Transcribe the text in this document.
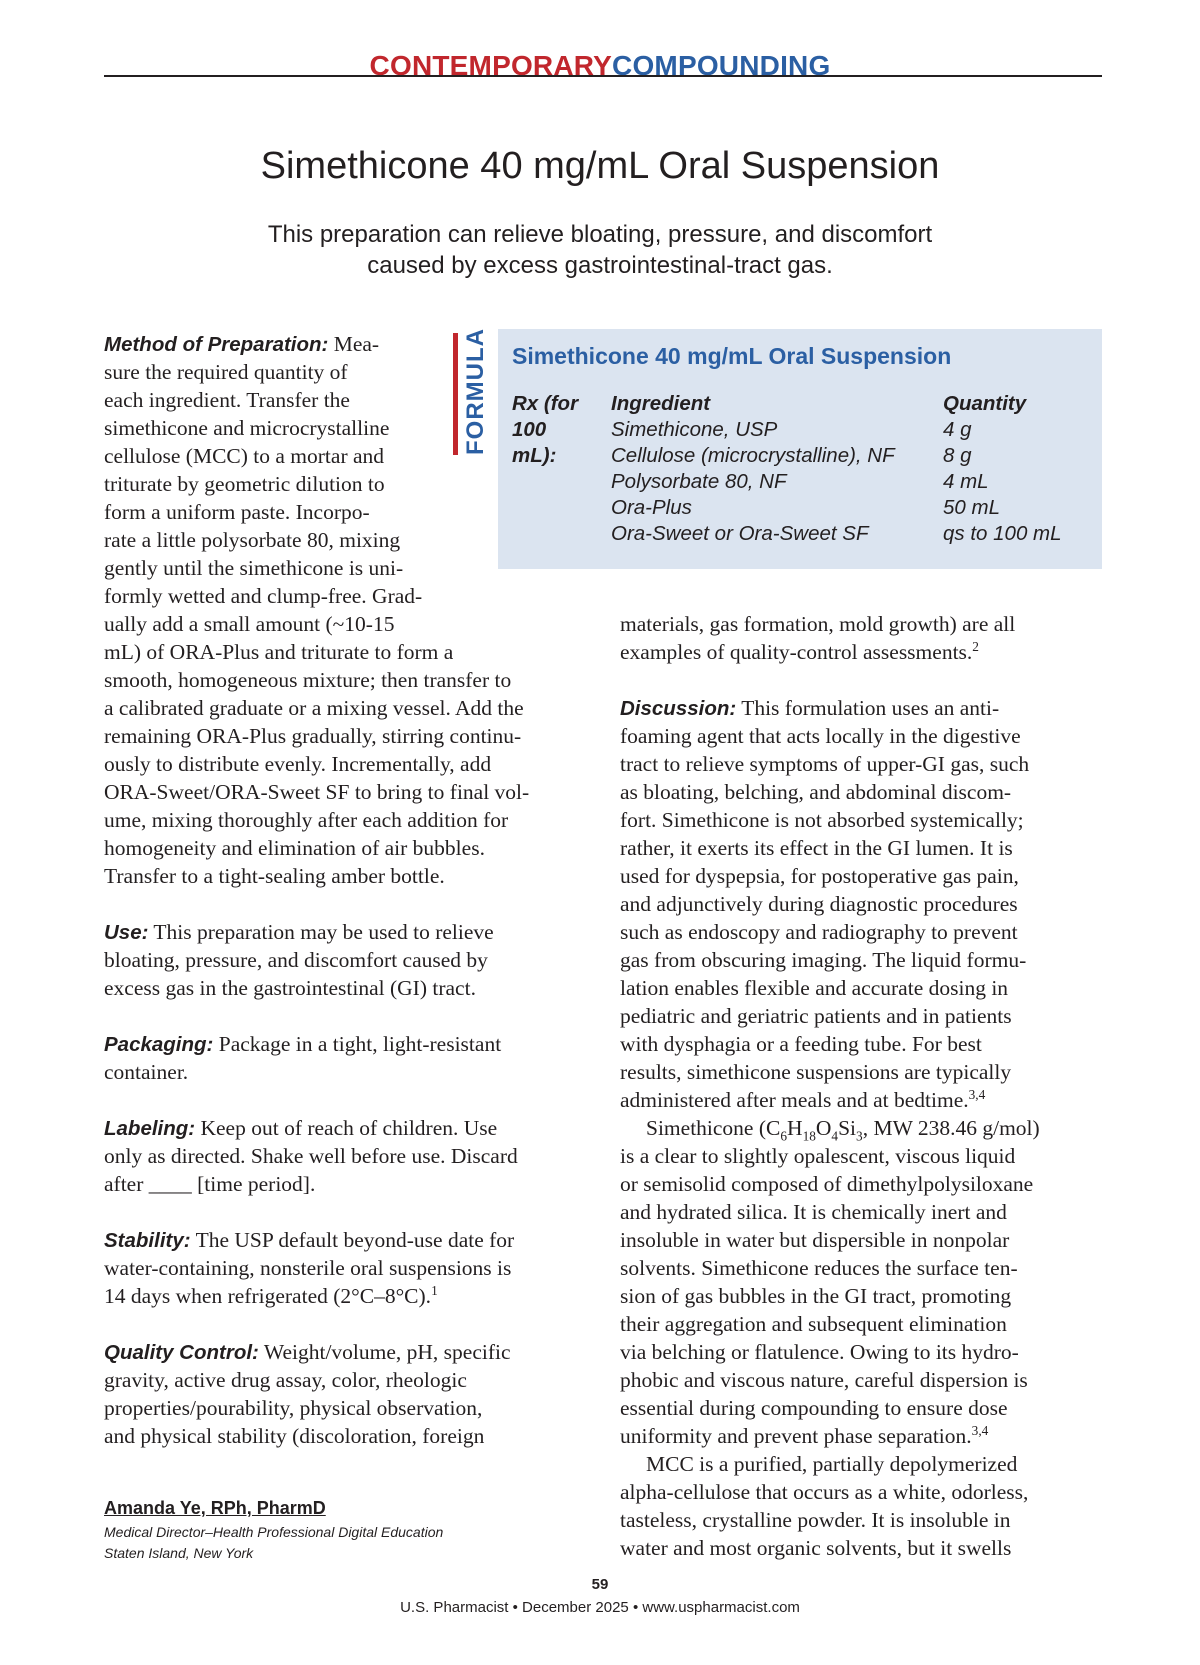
CONTEMPORARYCOMPOUNDING
Simethicone 40 mg/mL Oral Suspension
This preparation can relieve bloating, pressure, and discomfort
caused by excess gastrointestinal-tract gas.
FORMULA Simethicone 40 mg/mL Oral Suspension
Rx (for
100
mL):
Ingredient	Quantity
Simethicone, USP	4 g
Cellulose (microcrystalline), NF 8 g
Polysorbate 80, NF	4 mL
Ora-Plus	50 mL
Ora-Sweet or Ora-Sweet SF	qs to 100 mL
Method of Preparation: Mea-
sure the required quantity of
each ingredient. Transfer the
simethicone and microcrystalline
cellulose (MCC) to a mortar and
triturate by geometric dilution to
form a uniform paste. Incorpo-
rate a little polysorbate 80, mixing
gently until the simethicone is uni-
formly wetted and clump-free. Grad-
ually add a small amount (~10-15
mL) of ORA-Plus and triturate to form a
smooth, homogeneous mixture; then transfer to
a calibrated graduate or a mixing vessel. Add the
remaining ORA-Plus gradually, stirring continu-
ously to distribute evenly. Incrementally, add
ORA-Sweet/ORA-Sweet SF to bring to final vol-
ume, mixing thoroughly after each addition for
homogeneity and elimination of air bubbles.
Transfer to a tight-sealing amber bottle.
Use: This preparation may be used to relieve
bloating, pressure, and discomfort caused by
excess gas in the gastrointestinal (GI) tract.
Packaging: Package in a tight, light-resistant
container.
Labeling: Keep out of reach of children. Use
only as directed. Shake well before use. Discard
after ____ [time period].
Stability: The USP default beyond-use date for
water-containing, nonsterile oral suspensions is
14 days when refrigerated (2°C–8°C).$^1$
Quality Control: Weight/volume, pH, specific
gravity, active drug assay, color, rheologic
properties/pourability, physical observation,
and physical stability (discoloration, foreign
materials, gas formation, mold growth) are all
examples of quality-control assessments.$^2$
Discussion: This formulation uses an anti-
foaming agent that acts locally in the digestive
tract to relieve symptoms of upper-GI gas, such
as bloating, belching, and abdominal discom-
fort. Simethicone is not absorbed systemically;
rather, it exerts its effect in the GI lumen. It is
used for dyspepsia, for postoperative gas pain,
and adjunctively during diagnostic procedures
such as endoscopy and radiography to prevent
gas from obscuring imaging. The liquid formu-
lation enables flexible and accurate dosing in
pediatric and geriatric patients and in patients
with dysphagia or a feeding tube. For best
results, simethicone suspensions are typically
administered after meals and at bedtime.$^{3,4}$
Simethicone ($C_6H_{18}O_4Si_3$, MW 238.46 g/mol)
is a clear to slightly opalescent, viscous liquid
or semisolid composed of dimethylpolysiloxane
and hydrated silica. It is chemically inert and
insoluble in water but dispersible in nonpolar
solvents. Simethicone reduces the surface ten-
sion of gas bubbles in the GI tract, promoting
their aggregation and subsequent elimination
via belching or flatulence. Owing to its hydro-
phobic and viscous nature, careful dispersion is
essential during compounding to ensure dose
uniformity and prevent phase separation.$^{3,4}$
MCC is a purified, partially depolymerized
alpha-cellulose that occurs as a white, odorless,
tasteless, crystalline powder. It is insoluble in
water and most organic solvents, but it swells
Amanda Ye, RPh, PharmD
Medical Director–Health Professional Digital Education
Staten Island, New York
59
U.S. Pharmacist • December 2025 • www.uspharmacist.com
